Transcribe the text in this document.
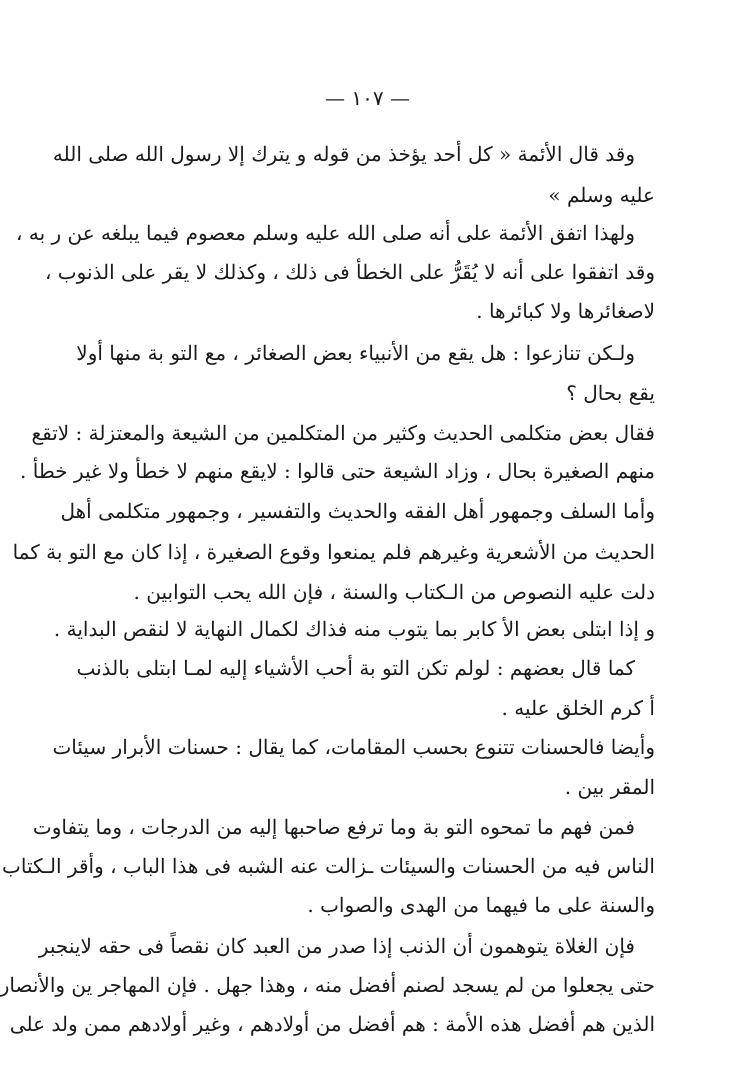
— ١٠٧ —
وقد قال الأئمة « كل أحد يؤخذ من قوله و يترك إلا رسول الله صلى الله
عليه وسلم »
ولهذا اتفق الأئمة على أنه صلى الله عليه وسلم معصوم فيما يبلغه عن ر به ،
وقد اتفقوا على أنه لا يُقَرُّ على الخطأ فى ذلك ، وكذلك لا يقر على الذنوب ،
لاصغائرها ولا كبائرها .
ولـكن تنازعوا : هل يقع من الأنبياء بعض الصغائر ، مع التو بة منها أولا
يقع بحال ؟
فقال بعض متكلمى الحديث وكثير من المتكلمين من الشيعة والمعتزلة : لاتقع
منهم الصغيرة بحال ، وزاد الشيعة حتى قالوا : لايقع منهم لا خطأ ولا غير خطأ .
وأما السلف وجمهور أهل الفقه والحديث والتفسير ، وجمهور متكلمى أهل
الحديث من الأشعرية وغيرهم فلم يمنعوا وقوع الصغيرة ، إذا كان مع التو بة كما
دلت عليه النصوص من الـكتاب والسنة ، فإن الله يحب التوابين .
و إذا ابتلى بعض الأ كابر بما يتوب منه فذاك لكمال النهاية لا لنقص البداية .
كما قال بعضهم : لولم تكن التو بة أحب الأشياء إليه لمـا ابتلى بالذنب
أ كرم الخلق عليه .
وأيضا فالحسنات تتنوع بحسب المقامات، كما يقال : حسنات الأبرار سيئات
المقر بين .
فمن فهم ما تمحوه التو بة وما ترفع صاحبها إليه من الدرجات ، وما يتفاوت
الناس فيه من الحسنات والسيئات ـزالت عنه الشبه فى هذا الباب ، وأقر الـكتاب
والسنة على ما فيهما من الهدى والصواب .
فإن الغلاة يتوهمون أن الذنب إذا صدر من العبد كان نقصاً فى حقه لاينجبر
حتى يجعلوا من لم يسجد لصنم أفضل منه ، وهذا جهل . فإن المهاجر ين والأنصار
الذين هم أفضل هذه الأمة : هم أفضل من أولادهم ، وغير أولادهم ممن ولد على
